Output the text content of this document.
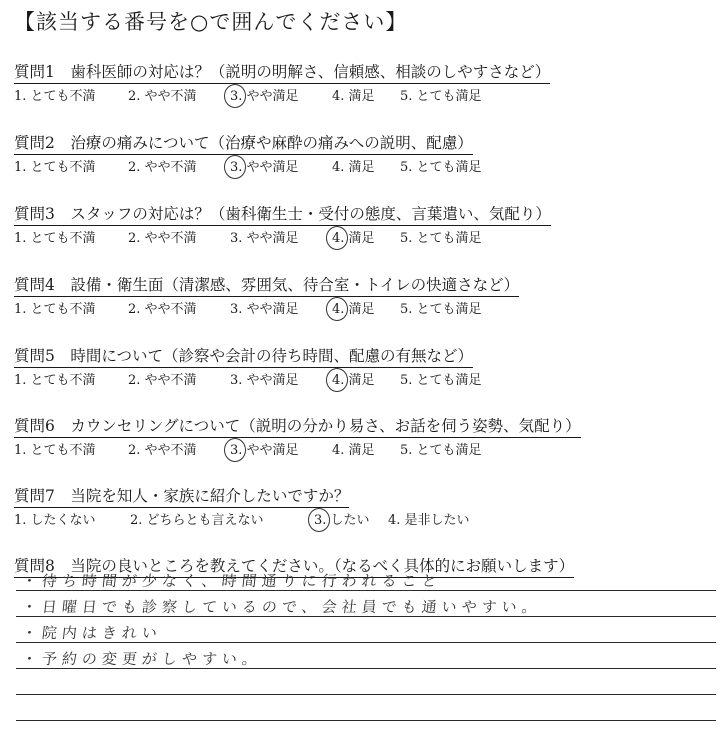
【該当する番号を○で囲んでください】
質問1　歯科医師の対応は？（説明の明解さ、信頼感、相談のしやすさなど）
1. とても不満 2. やや不満	3. やや満足	4. 満足 5. とても満足
質問2　治療の痛みについて（治療や麻酔の痛みへの説明、配慮）
1. とても不満 2. やや不満	3. やや満足	4. 満足 5. とても満足
質問3　スタッフの対応は？（歯科衛生士・受付の態度、言葉遣い、気配り）
1. とても不満 2. やや不満	3. やや満足	4. 満足 5. とても満足
質問4　設備・衛生面（清潔感、雰囲気、待合室・トイレの快適さなど）
1. とても不満 2. やや不満	3. やや満足	4. 満足 5. とても満足
質問5　時間について（診察や会計の待ち時間、配慮の有無など）
1. とても不満 2. やや不満	3. やや満足	4. 満足 5. とても満足
質問6　カウンセリングについて（説明の分かり易さ、お話を伺う姿勢、気配り）
1. とても不満 2. やや不満	3. やや満足	4. 満足 5. とても満足
質問7　当院を知人・家族に紹介したいですか？
1. したくない	2. どちらとも言えない	3. したい 4. 是非したい
質問8　当院の良いところを教えてください。（なるべく具体的にお願いします）
・待ち時間が少なく、時間通りに行われること
・日曜日でも診察しているので、会社員でも通いやすい。
・院内はきれい
・予約の変更がしやすい。
